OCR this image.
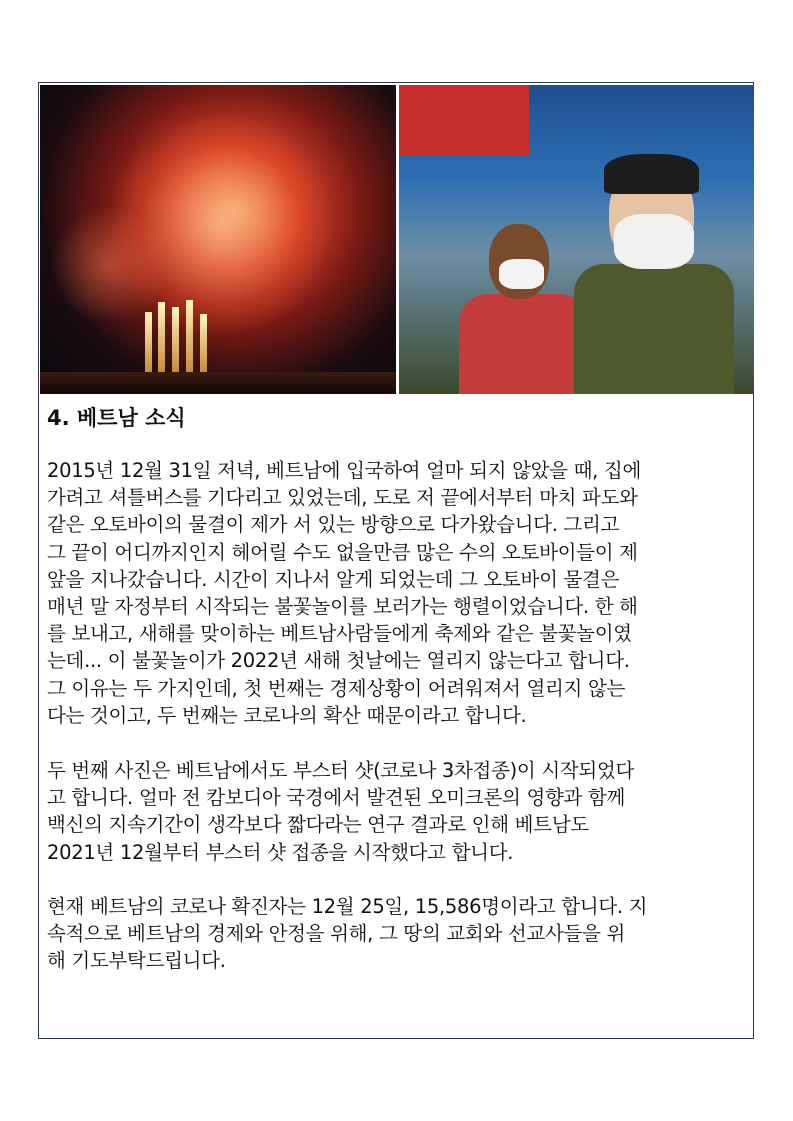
4. 베트남 소식
2015년 12월 31일 저녁, 베트남에 입국하여 얼마 되지 않았을 때, 집에
가려고 셔틀버스를 기다리고 있었는데, 도로 저 끝에서부터 마치 파도와
같은 오토바이의 물결이 제가 서 있는 방향으로 다가왔습니다. 그리고
그 끝이 어디까지인지 헤어릴 수도 없을만큼 많은 수의 오토바이들이 제
앞을 지나갔습니다. 시간이 지나서 알게 되었는데 그 오토바이 물결은
매년 말 자정부터 시작되는 불꽃놀이를 보러가는 행렬이었습니다. 한 해
를 보내고, 새해를 맞이하는 베트남사람들에게 축제와 같은 불꽃놀이였
는데... 이 불꽃놀이가 2022년 새해 첫날에는 열리지 않는다고 합니다.
그 이유는 두 가지인데, 첫 번째는 경제상황이 어려워져서 열리지 않는
다는 것이고, 두 번째는 코로나의 확산 때문이라고 합니다.
두 번째 사진은 베트남에서도 부스터 샷(코로나 3차접종)이 시작되었다
고 합니다. 얼마 전 캄보디아 국경에서 발견된 오미크론의 영향과 함께
백신의 지속기간이 생각보다 짧다라는 연구 결과로 인해 베트남도
2021년 12월부터 부스터 샷 접종을 시작했다고 합니다.
현재 베트남의 코로나 확진자는 12월 25일, 15,586명이라고 합니다. 지
속적으로 베트남의 경제와 안정을 위해, 그 땅의 교회와 선교사들을 위
해 기도부탁드립니다.
